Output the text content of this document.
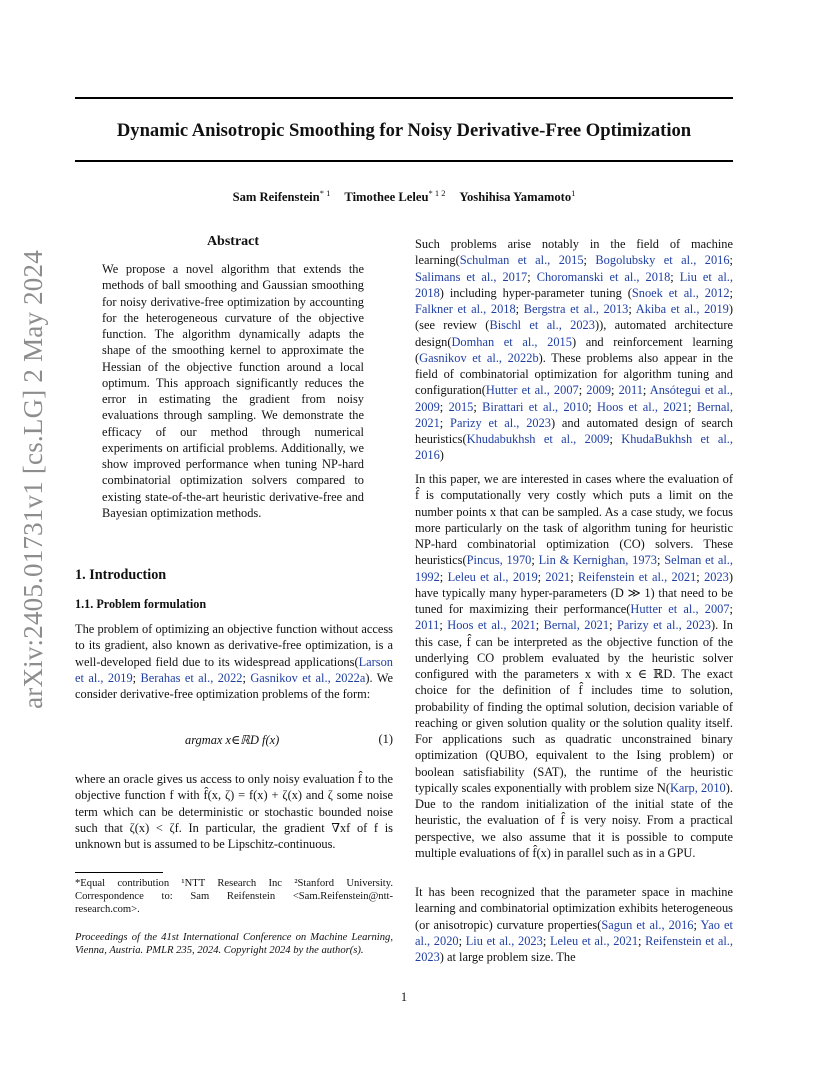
Dynamic Anisotropic Smoothing for Noisy Derivative-Free Optimization
Sam Reifenstein$^{* 1}$ Timothee Leleu$^{* 1 2}$ Yoshihisa Yamamoto$^1$
arXiv:2405.01731v1 [cs.LG] 2 May 2024
Abstract

We propose a novel algorithm that extends the methods of ball smoothing and Gaussian smoothing for noisy derivative-free optimization by accounting for the heterogeneous curvature of the objective function. The algorithm dynamically adapts the shape of the smoothing kernel to approximate the Hessian of the objective function around a local optimum. This approach significantly reduces the error in estimating the gradient from noisy evaluations through sampling. We demonstrate the efficacy of our method through numerical experiments on artificial problems. Additionally, we show improved performance when tuning NP-hard combinatorial optimization solvers compared to existing state-of-the-art heuristic derivative-free and Bayesian optimization methods.

1. Introduction
1.1. Problem formulation

The problem of optimizing an objective function without access to its gradient, also known as derivative-free optimization, is a well-developed field due to its widespread applications(Larson et al., 2019; Berahas et al., 2022; Gasnikov et al., 2022a). We consider derivative-free optimization problems of the form:

argmax x∈ℝD f(x)	(1)

where an oracle gives us access to only noisy evaluation f̂ to the objective function f with f̂(x, ζ) = f(x) + ζ(x) and ζ some noise term which can be deterministic or stochastic bounded noise such that ζ(x) < ζf. In particular, the gradient ∇xf of f is unknown but is assumed to be Lipschitz-continuous.

*Equal contribution ¹NTT Research Inc ²Stanford University. Correspondence to: Sam Reifenstein <Sam.Reifenstein@ntt-research.com>.

Proceedings of the 41st International Conference on Machine Learning, Vienna, Austria. PMLR 235, 2024. Copyright 2024 by the author(s).

Such problems arise notably in the field of machine learning(Schulman et al., 2015; Bogolubsky et al., 2016; Salimans et al., 2017; Choromanski et al., 2018; Liu et al., 2018) including hyper-parameter tuning (Snoek et al., 2012; Falkner et al., 2018; Bergstra et al., 2013; Akiba et al., 2019) (see review (Bischl et al., 2023)), automated architecture design(Domhan et al., 2015) and reinforcement learning (Gasnikov et al., 2022b). These problems also appear in the field of combinatorial optimization for algorithm tuning and configuration(Hutter et al., 2007; 2009; 2011; Ansótegui et al., 2009; 2015; Birattari et al., 2010; Hoos et al., 2021; Bernal, 2021; Parizy et al., 2023) and automated design of search heuristics(Khudabukhsh et al., 2009; KhudaBukhsh et al., 2016)

In this paper, we are interested in cases where the evaluation of f̂ is computationally very costly which puts a limit on the number points x that can be sampled. As a case study, we focus more particularly on the task of algorithm tuning for heuristic NP-hard combinatorial optimization (CO) solvers. These heuristics(Pincus, 1970; Lin & Kernighan, 1973; Selman et al., 1992; Leleu et al., 2019; 2021; Reifenstein et al., 2021; 2023) have typically many hyper-parameters (D ≫ 1) that need to be tuned for maximizing their performance(Hutter et al., 2007; 2011; Hoos et al., 2021; Bernal, 2021; Parizy et al., 2023). In this case, f̂ can be interpreted as the objective function of the underlying CO problem evaluated by the heuristic solver configured with the parameters x with x ∈ ℝD. The exact choice for the definition of f̂ includes time to solution, probability of finding the optimal solution, decision variable of reaching or given solution quality or the solution quality itself. For applications such as quadratic unconstrained binary optimization (QUBO, equivalent to the Ising problem) or boolean satisfiability (SAT), the runtime of the heuristic typically scales exponentially with problem size N(Karp, 2010). Due to the random initialization of the initial state of the heuristic, the evaluation of f̂ is very noisy. From a practical perspective, we also assume that it is possible to compute multiple evaluations of f̂(x) in parallel such as in a GPU.

It has been recognized that the parameter space in machine learning and combinatorial optimization exhibits heterogeneous (or anisotropic) curvature properties(Sagun et al., 2016; Yao et al., 2020; Liu et al., 2023; Leleu et al., 2021; Reifenstein et al., 2023) at large problem size. The

1
